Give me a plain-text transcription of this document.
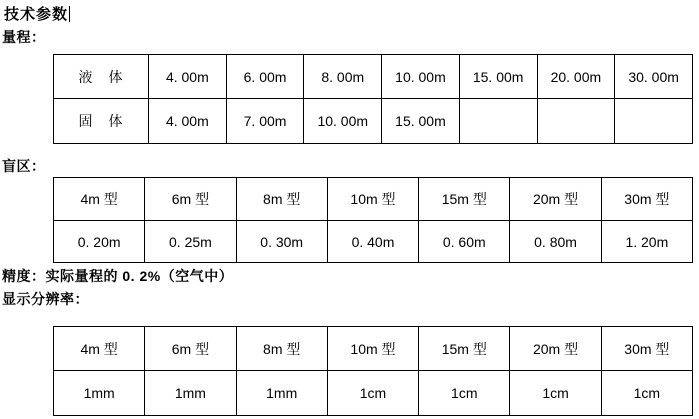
技术参数
量程：
液　体	4. 00m	6. 00m	8. 00m	10. 00m	15. 00m	20. 00m	30. 00m
固　体	4. 00m	7. 00m	10. 00m	15. 00m			
盲区：
4m 型	6m 型	8m 型	10m 型	15m 型	20m 型	30m 型
0. 20m	0. 25m	0. 30m	0. 40m	0. 60m	0. 80m	1. 20m
精度：实际量程的 0. 2%（空气中）
显示分辨率：
4m 型	6m 型	8m 型	10m 型	15m 型	20m 型	30m 型
1mm	1mm	1mm	1cm	1cm	1cm	1cm
